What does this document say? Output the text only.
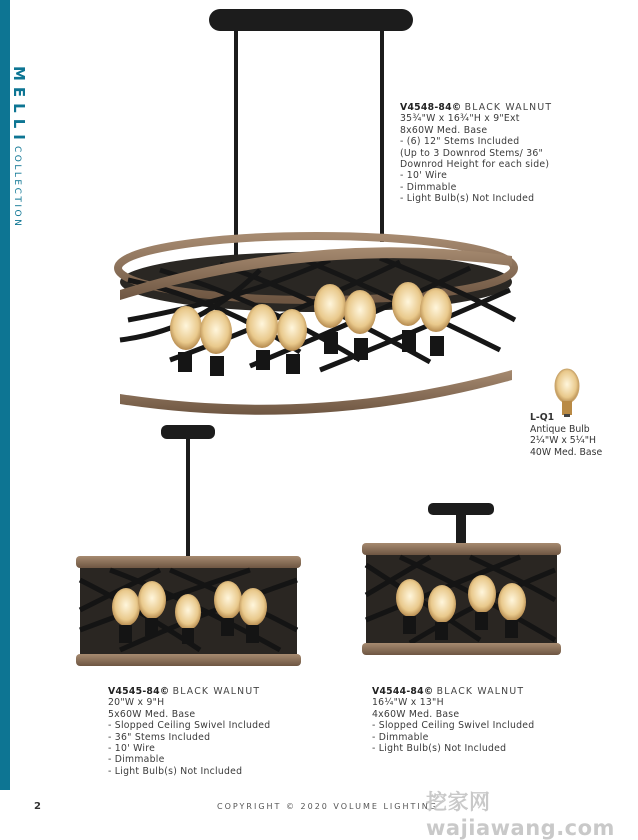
MELLI
COLLECTION
V4548-84© BLACK WALNUT
35¾"W x 16¾"H x 9"Ext
8x60W Med. Base
- (6) 12" Stems Included
(Up to 3 Downrod Stems/ 36"
Downrod Height for each side)
- 10' Wire
- Dimmable
- Light Bulb(s) Not Included
L-Q1
Antique Bulb
2¼"W x 5¼"H
40W Med. Base
V4545-84© BLACK WALNUT
20"W x 9"H
5x60W Med. Base
- Slopped Ceiling Swivel Included
- 36" Stems Included
- 10' Wire
- Dimmable
- Light Bulb(s) Not Included
V4544-84© BLACK WALNUT
16¼"W x 13"H
4x60W Med. Base
- Slopped Ceiling Swivel Included
- Dimmable
- Light Bulb(s) Not Included
2	COPYRIGHT © 2020 VOLUME LIGHTING
挖家网 wajiawang.com
